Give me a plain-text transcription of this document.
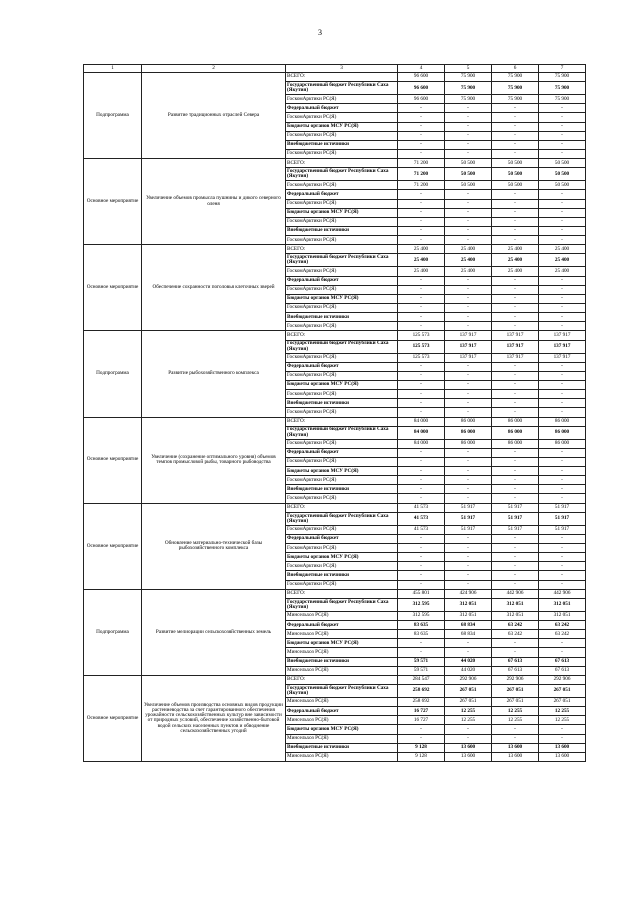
3
1	2	3	4	5	6	7
Подпрограмма	Развитие традиционных отраслей Севера	ВСЕГО:	96 600	75 900	75 900	75 900
		Государственный бюджет Республики Саха (Якутия)	96 600	75 900	75 900	75 900
		ГоскомАрктики РС(Я)	96 600	75 900	75 900	75 900
		Федеральный бюджет	-	-	-	-
		ГоскомАрктики РС(Я)	-	-	-	-
		Бюджеты органов МСУ РС(Я)	-	-	-	-
		ГоскомАрктики РС(Я)	-	-	-	-
		Внебюджетные источники	-	-	-	-
		ГоскомАрктики РС(Я)	-	-	-	-
Основное мероприятие	Увеличение объемов промысла пушнины и дикого северного оленя	ВСЕГО:	71 200	50 500	50 500	50 500
		Государственный бюджет Республики Саха (Якутия)	71 200	50 500	50 500	50 500
		ГоскомАрктики РС(Я)	71 200	50 500	50 500	50 500
		Федеральный бюджет	-	-	-	-
		ГоскомАрктики РС(Я)	-	-	-	-
		Бюджеты органов МСУ РС(Я)	-	-	-	-
		ГоскомАрктики РС(Я)	-	-	-	-
		Внебюджетные источники	-	-	-	-
		ГоскомАрктики РС(Я)	-	-	-	-
Основное мероприятие	Обеспечение сохранности поголовья клеточных зверей	ВСЕГО:	25 400	25 400	25 400	25 400
		Государственный бюджет Республики Саха (Якутия)	25 400	25 400	25 400	25 400
		ГоскомАрктики РС(Я)	25 400	25 400	25 400	25 400
		Федеральный бюджет	-	-	-	-
		ГоскомАрктики РС(Я)	-	-	-	-
		Бюджеты органов МСУ РС(Я)	-	-	-	-
		ГоскомАрктики РС(Я)	-	-	-	-
		Внебюджетные источники	-	-	-	-
		ГоскомАрктики РС(Я)	-	-	-	-
Подпрограмма	Развитие рыбохозяйственного комплекса	ВСЕГО:	125 573	137 917	137 917	137 917
		Государственный бюджет Республики Саха (Якутия)	125 573	137 917	137 917	137 917
		ГоскомАрктики РС(Я)	125 573	137 917	137 917	137 917
		Федеральный бюджет	-	-	-	-
		ГоскомАрктики РС(Я)	-	-	-	-
		Бюджеты органов МСУ РС(Я)	-	-	-	-
		ГоскомАрктики РС(Я)	-	-	-	-
		Внебюджетные источники	-	-	-	-
		ГоскомАрктики РС(Я)	-	-	-	-
Основное мероприятие	Увеличение (сохранение оптимального уровня) объемов темпов промысловой рыбы, товарного рыбоводства	ВСЕГО:	84 000	86 000	86 000	86 000
		Государственный бюджет Республики Саха (Якутия)	84 000	86 000	86 000	86 000
		ГоскомАрктики РС(Я)	84 000	86 000	86 000	86 000
		Федеральный бюджет	-	-	-	-
		ГоскомАрктики РС(Я)	-	-	-	-
		Бюджеты органов МСУ РС(Я)	-	-	-	-
		ГоскомАрктики РС(Я)	-	-	-	-
		Внебюджетные источники	-	-	-	-
		ГоскомАрктики РС(Я)	-	-	-	-
Основное мероприятие	Обновление материально-технической базы рыбохозяйственного комплекса	ВСЕГО:	41 573	51 917	51 917	51 917
		Государственный бюджет Республики Саха (Якутия)	41 573	51 917	51 917	51 917
		ГоскомАрктики РС(Я)	41 573	51 917	51 917	51 917
		Федеральный бюджет	-	-	-	-
		ГоскомАрктики РС(Я)	-	-	-	-
		Бюджеты органов МСУ РС(Я)	-	-	-	-
		ГоскомАрктики РС(Я)	-	-	-	-
		Внебюджетные источники	-	-	-	-
		ГоскомАрктики РС(Я)	-	-	-	-
Подпрограмма	Развитие мелиорации сельскохозяйственных земель	ВСЕГО:	455 801	424 906	442 906	442 906
		Государственный бюджет Республики Саха (Якутия)	312 595	312 051	312 051	312 051
		Минсельхоз РС(Я)	312 595	312 051	312 051	312 051
		Федеральный бюджет	83 635	68 834	63 242	63 242
		Минсельхоз РС(Я)	83 635	68 834	63 242	63 242
		Бюджеты органов МСУ РС(Я)	-	-	-	-
		Минсельхоз РС(Я)	-	-	-	-
		Внебюджетные источники	59 571	44 020	67 613	67 613
		Минсельхоз РС(Я)	59 571	44 020	67 613	67 613
Основное мероприятие	Увеличение объемов производства основных видов продукции растениеводства за счет гарантированного обеспечения урожайности сельскохозяйственных культур вне зависимости от природных условий, обеспечение хозяйственно-бытовой водой сельских населенных пунктов и обводнение сельскохозяйственных угодий	ВСЕГО:	284 547	292 906	292 906	292 906
		Государственный бюджет Республики Саха (Якутия)	258 692	267 051	267 051	267 051
		Минсельхоз РС(Я)	258 692	267 051	267 051	267 051
		Федеральный бюджет	16 727	12 255	12 255	12 255
		Минсельхоз РС(Я)	16 727	12 255	12 255	12 255
		Бюджеты органов МСУ РС(Я)	-	-	-	-
		Минсельхоз РС(Я)	-	-	-	-
		Внебюджетные источники	9 128	13 600	13 600	13 600
		Минсельхоз РС(Я)	9 128	13 600	13 600	13 600
